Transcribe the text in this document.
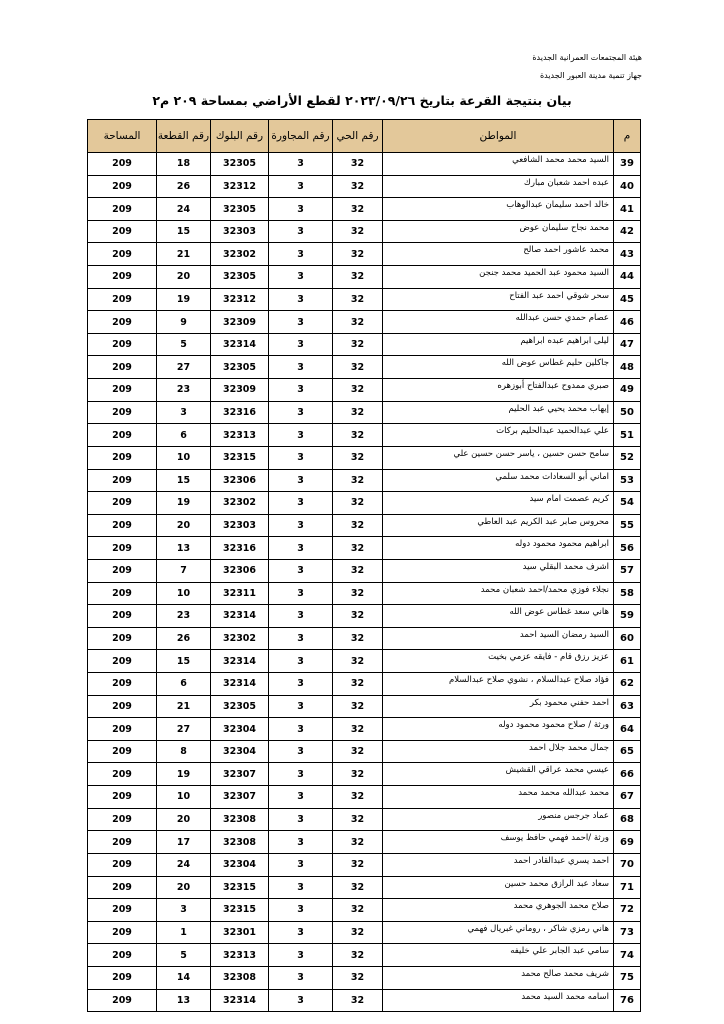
هيئة المجتمعات العمرانية الجديدة
جهاز تنمية مدينة العبور الجديدة
بيان بنتيجة القرعة بتاريخ ٢٠٢٣/٠٩/٢٦ لقطع الأراضي بمساحة ٢٠٩ م٢
م	المواطن	رقم الحي	رقم المجاورة	رقم البلوك	رقم القطعة	المساحة
39	السيد محمد محمد الشافعي	32	3	32305	18	209
40	عبده احمد شعبان مبارك	32	3	32312	26	209
41	خالد احمد سليمان عبدالوهاب	32	3	32305	24	209
42	محمد نجاح سليمان عوض	32	3	32303	15	209
43	محمد عاشور احمد صالح	32	3	32302	21	209
44	السيد محمود عبد الحميد محمد جنجن	32	3	32305	20	209
45	سحر شوقي احمد عبد الفتاح	32	3	32312	19	209
46	عصام حمدي حسن عبدالله	32	3	32309	9	209
47	ليلى ابراهيم عبده ابراهيم	32	3	32314	5	209
48	جاكلين حليم غطاس عوض الله	32	3	32305	27	209
49	صبري ممدوح عبدالفتاح أبوزهره	32	3	32309	23	209
50	إيهاب محمد يحيي عبد الحليم	32	3	32316	3	209
51	علي عبدالحميد عبدالحليم بركات	32	3	32313	6	209
52	سامح حسن حسين ، ياسر حسن حسين علي	32	3	32315	10	209
53	اماني أبو السعادات محمد سلمي	32	3	32306	15	209
54	كريم عصمت امام سيد	32	3	32302	19	209
55	محروس صابر عبد الكريم عبد العاطي	32	3	32303	20	209
56	ابراهيم محمود محمود دوله	32	3	32316	13	209
57	اشرف محمد البقلي سيد	32	3	32306	7	209
58	نجلاء فوزي محمد/احمد شعبان محمد	32	3	32311	10	209
59	هاني سعد غطاس عوض الله	32	3	32314	23	209
60	السيد رمضان السيد احمد	32	3	32302	26	209
61	عزيز رزق قام - فايقه عزمي بخيت	32	3	32314	15	209
62	فؤاد صلاح عبدالسلام ، نشوي صلاح عبدالسلام	32	3	32314	6	209
63	احمد حفني محمود بكر	32	3	32305	21	209
64	ورثة / صلاح محمود محمود دوله	32	3	32304	27	209
65	جمال محمد جلال احمد	32	3	32304	8	209
66	عيسي محمد عراقي القشيش	32	3	32307	19	209
67	محمد عبدالله محمد محمد	32	3	32307	10	209
68	عماد جرجس منصور	32	3	32308	20	209
69	ورثة /احمد فهمي حافظ يوسف	32	3	32308	17	209
70	احمد يسري عبدالقادر احمد	32	3	32304	24	209
71	سعاد عبد الرازق محمد حسين	32	3	32315	20	209
72	صلاح محمد الجوهري محمد	32	3	32315	3	209
73	هاني رمزي شاكر ، روماني غبريال فهمي	32	3	32301	1	209
74	سامي عبد الجابر علي خليفه	32	3	32313	5	209
75	شريف محمد صالح محمد	32	3	32308	14	209
76	اسامه محمد السيد محمد	32	3	32314	13	209
